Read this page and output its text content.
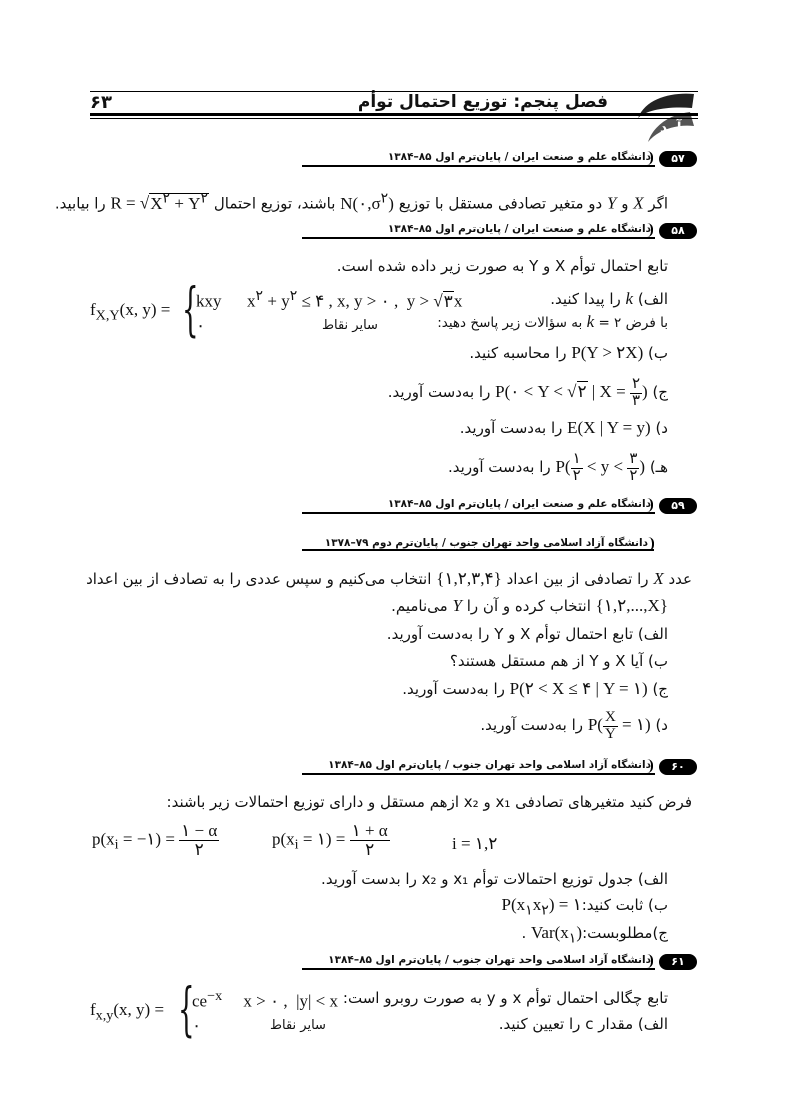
سرآمد
۶۳	فصل پنجم: توزیع احتمال توأم
دانشگاه علم و صنعت ایران / پایان‌ترم اول ۸۵–۱۳۸۴	۵۷
اگر X و Y دو متغیر تصادفی مستقل با توزیع $N(۰,\sigma^۲)$ باشند، توزیع احتمال $R = √X^۲ + Y^۲$ را بیابید.
دانشگاه علم و صنعت ایران / پایان‌ترم اول ۸۵–۱۳۸۴	۵۸
تابع احتمال توأم X و Y به صورت زیر داده شده است.
$f_{X,Y}(x$, y) = {
kxy      $x^۲ + y^۲$ ≤ ۴ , x, y > ۰ ,  y > √۳x
۰	سایر نقاط
الف) k را پیدا کنید.
با فرض ۲ = k به سؤالات زیر پاسخ دهید:
ب) P(Y > ۲X) را محاسبه کنید.
ج) P(۰ < Y < √۲ | $X = \frac{۲}{۳}$ ) را به‌دست آورید.
د) E(X | Y = y) را به‌دست آورید.
هـ) $P( \frac{۱}{۲} < y < \frac{۳}{۲}$ ) را به‌دست آورید.
دانشگاه علم و صنعت ایران / پایان‌ترم اول ۸۵–۱۳۸۴	۵۹
دانشگاه آزاد اسلامی واحد تهران جنوب / پایان‌ترم دوم ۷۹–۱۳۷۸
عدد X را تصادفی از بین اعداد {۱,۲,۳,۴} انتخاب می‌کنیم و سپس عددی را به تصادف از بین اعداد
{۱,۲,...,X} انتخاب کرده و آن را Y می‌نامیم.
الف) تابع احتمال توأم X و Y را به‌دست آورید.
ب) آیا X و Y از هم مستقل هستند؟
ج) P(۲ < X ≤ ۴ | Y = ۱) را به‌دست آورید.
د) $P( \frac{X}{Y}$ = ۱) را به‌دست آورید.
دانشگاه آزاد اسلامی واحد تهران جنوب / پایان‌ترم اول ۸۵–۱۳۸۴	۶۰
فرض کنید متغیرهای تصادفی x₁ و x₂ ازهم مستقل و دارای توزیع احتمالات زیر باشند:
$p(x_i$ = −۱) = $\frac{۱ - \alpha}{۲}$	$p(x_i$ = ۱) = $\frac{۱ + \alpha}{۲}$	i = ۱,۲
الف) جدول توزیع احتمالات توأم x₁ و x₂ را بدست آورید.
ب) ثابت $کنید:P(x_۱x_۲)$ = ۱
$ج)مطلوبست:Var(x_۱)$ .
دانشگاه آزاد اسلامی واحد تهران جنوب / پایان‌ترم اول ۸۵–۱۳۸۴	۶۱
$f_{x,y}(x$, y) = {
$ce^{-x}$     x > ۰ ,  |y| < x
۰	سایر نقاط
تابع چگالی احتمال توأم x و y به صورت روبرو است:
الف) مقدار c را تعیین کنید.
